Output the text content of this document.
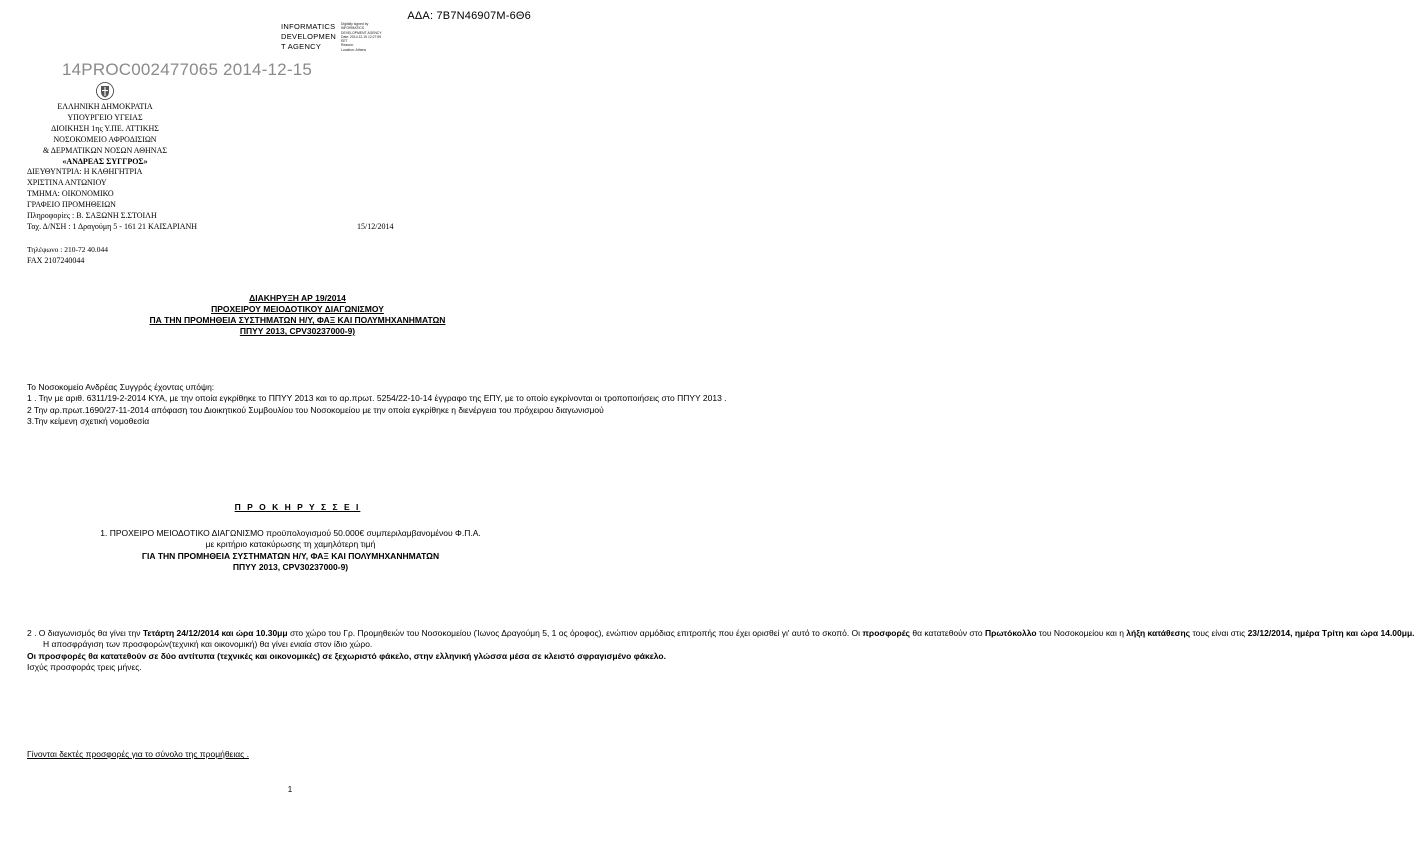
ΑΔΑ: 7Β7Ν46907Μ-6Θ6
INFORMATICS
DEVELOPMEN
T AGENCY
Digitally signed by
INFORMATICS
DEVELOPMENT AGENCY
Date: 2014.12.15 12:27:59
EET
Reason:
Location: Athens
14PROC002477065 2014-12-15
ΕΛΛΗΝΙΚΗ ΔΗΜΟΚΡΑΤΙΑ
ΥΠΟΥΡΓΕΙΟ ΥΓΕΙΑΣ
ΔΙΟΙΚΗΣΗ 1ης Υ.ΠΕ. ΑΤΤΙΚΗΣ
ΝΟΣΟΚΟΜΕΙΟ ΑΦΡΟΔΙΣΙΩΝ
& ΔΕΡΜΑΤΙΚΩΝ ΝΟΣΩΝ ΑΘΗΝΑΣ
«ΑΝΔΡΕΑΣ ΣΥΓΓΡΟΣ»
ΔΙΕΥΘΥΝΤΡΙΑ: Η ΚΑΘΗΓΗΤΡΙΑ
ΧΡΙΣΤΙΝΑ ΑΝΤΩΝΙΟΥ
ΤΜΗΜΑ: ΟΙΚΟΝΟΜΙΚΟ
ΓΡΑΦΕΙΟ ΠΡΟΜΗΘΕΙΩΝ
Πληροφορίες : Β. ΣΑΞΩΝΗ Σ.ΣΤΟΙΛΗ
Ταχ. Δ/ΝΣΗ : 1 Δραγούμη 5 - 161 21 ΚΑΙΣΑΡΙΑΝΗ	15/12/2014
Τηλέφωνο : 210-72 40.044
FAX 2107240044
ΔΙΑΚΗΡΥΞΗ ΑΡ 19/2014
ΠΡΟΧΕΙΡΟΥ ΜΕΙΟΔΟΤΙΚΟΥ ΔΙΑΓΩΝΙΣΜΟΥ
ΠΑ ΤΗΝ ΠΡΟΜΗΘΕΙΑ ΣΥΣΤΗΜΑΤΩΝ Η/Υ, ΦΑΞ ΚΑΙ ΠΟΛΥΜΗΧΑΝΗΜΑΤΩΝ
ΠΠΥΥ 2013, CPV30237000-9)

Το Νοσοκομείο Ανδρέας Συγγρός έχοντας υπόψη:

1 . Την με αριθ. 6311/19-2-2014 ΚΥΑ, με την οποία εγκρίθηκε το ΠΠΥΥ 2013 και το αρ.πρωτ. 5254/22-10-14 έγγραφο της ΕΠΥ, με το οποίο εγκρίνονται οι τροποποιήσεις στο ΠΠΥΥ 2013 .

2 Την αρ.πρωτ.1690/27-11-2014 απόφαση του Διοικητικού Συμβουλίου του Νοσοκομείου με την οποία εγκρίθηκε η διενέργεια του πρόχειρου διαγωνισμού

3.Την κείμενη σχετική νομοθεσία

Π Ρ Ο Κ Η Ρ Υ Σ Σ Ε Ι
1. ΠΡΟΧΕΙΡΟ ΜΕΙΟΔΟΤΙΚΟ ΔΙΑΓΩΝΙΣΜΟ προϋπολογισμού 50.000€ συμπεριλαμβανομένου Φ.Π.Α.
με κριτήριο κατακύρωσης τη χαμηλότερη τιμή
ΓΙΑ ΤΗΝ ΠΡΟΜΗΘΕΙΑ ΣΥΣΤΗΜΑΤΩΝ Η/Υ, ΦΑΞ ΚΑΙ ΠΟΛΥΜΗΧΑΝΗΜΑΤΩΝ
ΠΠΥΥ 2013, CPV30237000-9)

2 . Ο διαγωνισμός θα γίνει την Τετάρτη 24/12/2014 και ώρα 10.30μμ στο χώρο του Γρ. Προμηθειών του Νοσοκομείου (Ίωνος Δραγούμη 5, 1 ος όροφος), ενώπιον αρμόδιας επιτροπής που έχει ορισθεί γι' αυτό το σκοπό. Οι προσφορές θα κατατεθούν στο Πρωτόκολλο του Νοσοκομείου και η λήξη κατάθεσης τους είναι στις 23/12/2014, ημέρα Τρίτη και ώρα 14.00μμ.

Η αποσφράγιση των προσφορών(τεχνική και οικονομική) θα γίνει ενιαία στον ίδιο χώρο.

Οι προσφορές θα κατατεθούν σε δύο αντίτυπα (τεχνικές και οικονομικές) σε ξεχωριστό φάκελο, στην ελληνική γλώσσα μέσα σε κλειστό σφραγισμένο φάκελο.

Ισχύς προσφοράς τρεις μήνες.

Γίνονται δεκτές προσφορές για το σύνολο της προμήθειας .
1
